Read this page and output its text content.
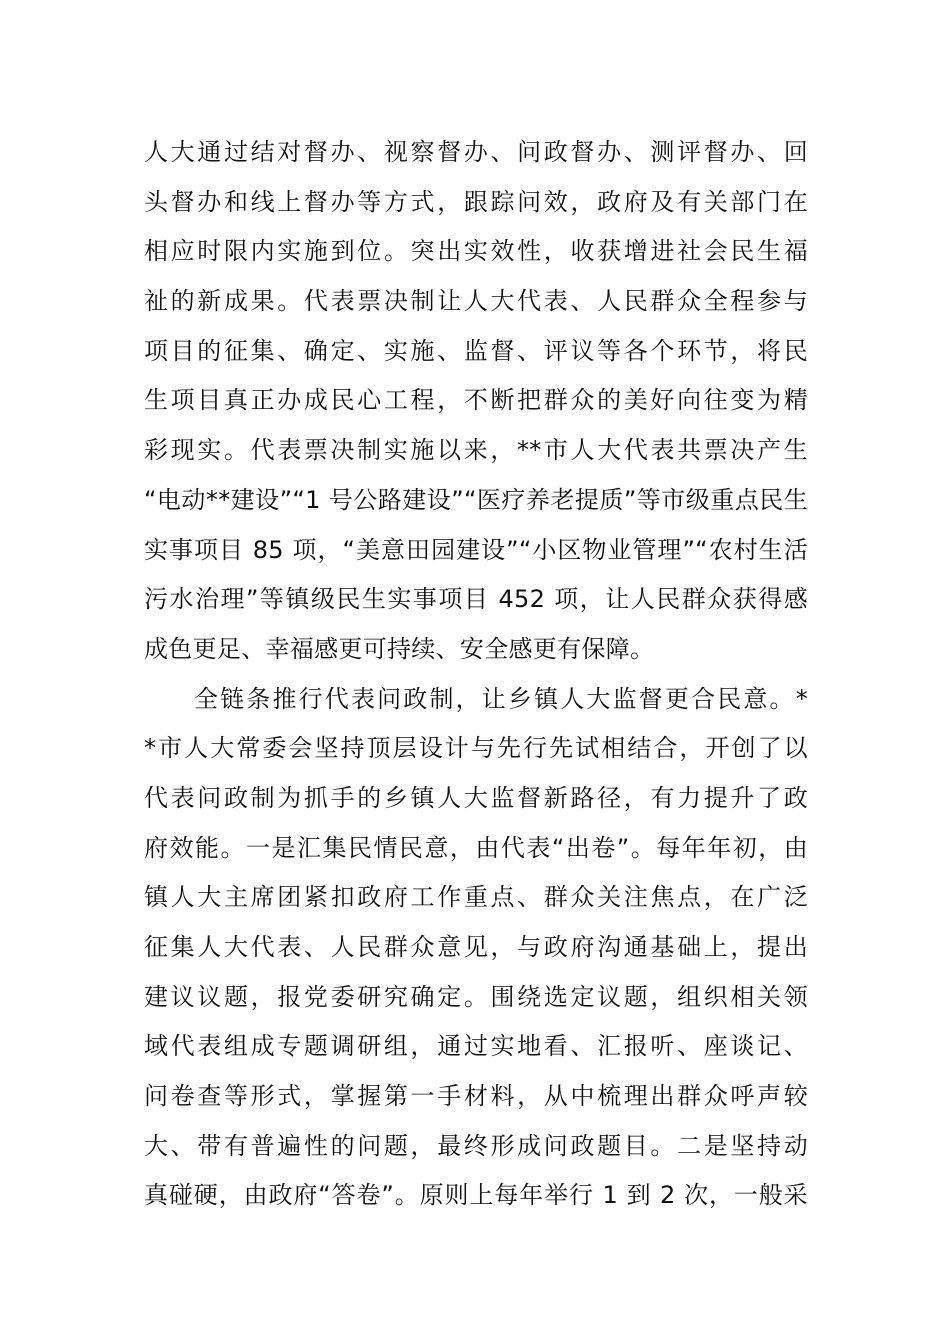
人大通过结对督办、视察督办、问政督办、测评督办、回
头督办和线上督办等方式，跟踪问效，政府及有关部门在
相应时限内实施到位。突出实效性，收获增进社会民生福
祉的新成果。代表票决制让人大代表、人民群众全程参与
项目的征集、确定、实施、监督、评议等各个环节，将民
生项目真正办成民心工程，不断把群众的美好向往变为精
彩现实。代表票决制实施以来，**市人大代表共票决产生
“电动**建设”“1 号公路建设”“医疗养老提质”等市级重点民生
实事项目 85 项，“美意田园建设”“小区物业管理”“农村生活
污水治理”等镇级民生实事项目 452 项，让人民群众获得感
成色更足、幸福感更可持续、安全感更有保障。
全链条推行代表问政制，让乡镇人大监督更合民意。*
*市人大常委会坚持顶层设计与先行先试相结合，开创了以
代表问政制为抓手的乡镇人大监督新路径，有力提升了政
府效能。一是汇集民情民意，由代表“出卷”。每年年初，由
镇人大主席团紧扣政府工作重点、群众关注焦点，在广泛
征集人大代表、人民群众意见，与政府沟通基础上，提出
建议议题，报党委研究确定。围绕选定议题，组织相关领
域代表组成专题调研组，通过实地看、汇报听、座谈记、
问卷查等形式，掌握第一手材料，从中梳理出群众呼声较
大、带有普遍性的问题，最终形成问政题目。二是坚持动
真碰硬，由政府“答卷”。原则上每年举行 1 到 2 次，一般采
